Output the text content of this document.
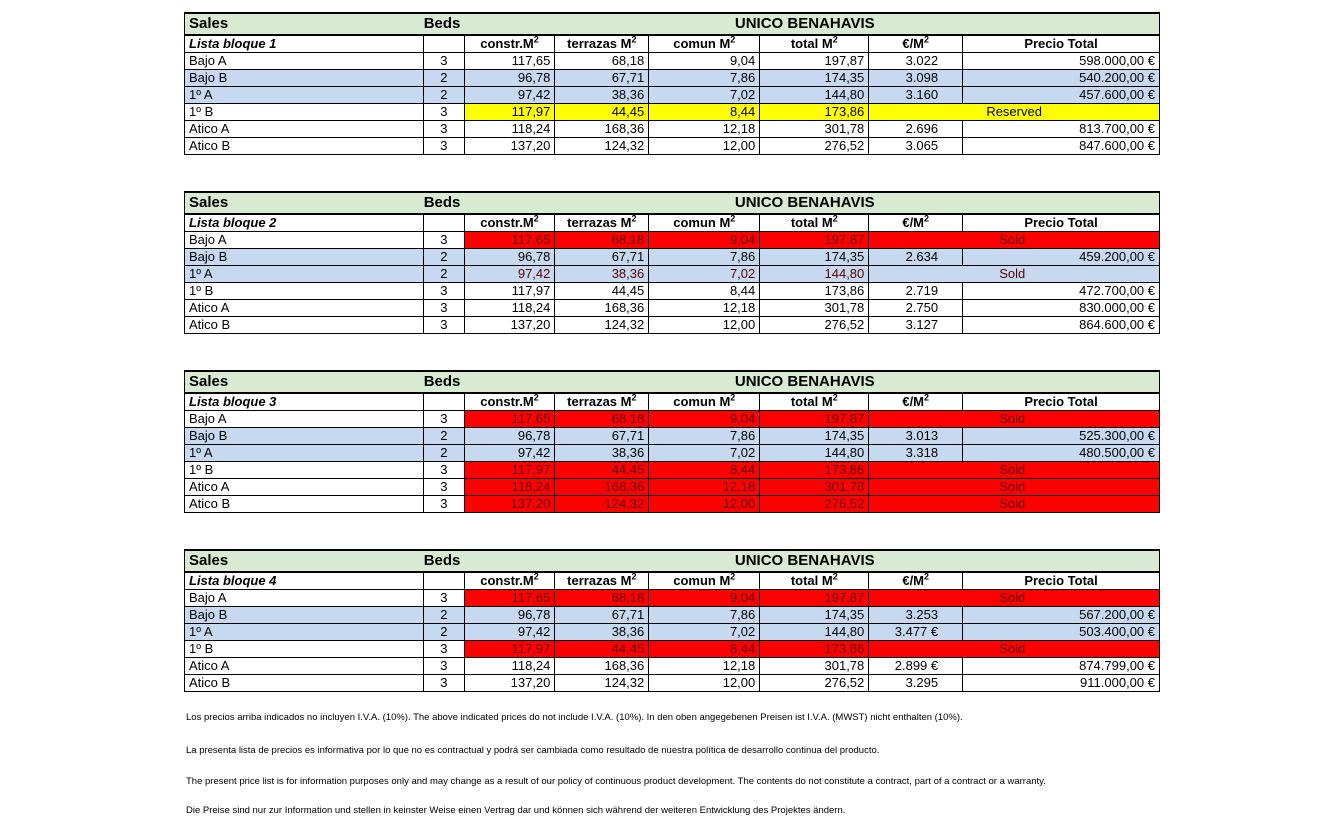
Sales	Beds		UNICO BENAHAVIS				
Lista bloque 1		$constr.M^2$	terrazas $M^2$	comun $M^2$	total $M^2$	$€/M^2$	Precio Total
Bajo A	3	117,65	68,18	9,04	197,87	3.022	598.000,00 €
Bajo B	2	96,78	67,71	7,86	174,35	3.098	540.200,00 €
1º A	2	97,42	38,36	7,02	144,80	3.160	457.600,00 €
1º B	3	117,97	44,45	8,44	173,86	Reserved	
Atico A	3	118,24	168,36	12,18	301,78	2.696	813.700,00 €
Atico B	3	137,20	124,32	12,00	276,52	3.065	847.600,00 €
Sales	Beds		UNICO BENAHAVIS				
Lista bloque 2		$constr.M^2$	terrazas $M^2$	comun $M^2$	total $M^2$	$€/M^2$	Precio Total
Bajo A	3	117,65	68,18	9,04	197,87	Sold	
Bajo B	2	96,78	67,71	7,86	174,35	2.634	459.200,00 €
1º A	2	97,42	38,36	7,02	144,80	Sold	
1º B	3	117,97	44,45	8,44	173,86	2.719	472.700,00 €
Atico A	3	118,24	168,36	12,18	301,78	2.750	830.000,00 €
Atico B	3	137,20	124,32	12,00	276,52	3.127	864.600,00 €
Sales	Beds		UNICO BENAHAVIS				
Lista bloque 3		$constr.M^2$	terrazas $M^2$	comun $M^2$	total $M^2$	$€/M^2$	Precio Total
Bajo A	3	117,65	68,18	9,04	197,87	Sold	
Bajo B	2	96,78	67,71	7,86	174,35	3.013	525.300,00 €
1º A	2	97,42	38,36	7,02	144,80	3.318	480.500,00 €
1º B	3	117,97	44,45	8,44	173,86	Sold	
Atico A	3	118,24	168,36	12,18	301,78	Sold	
Atico B	3	137,20	124,32	12,00	276,52	Sold	
Sales	Beds		UNICO BENAHAVIS				
Lista bloque 4		$constr.M^2$	terrazas $M^2$	comun $M^2$	total $M^2$	$€/M^2$	Precio Total
Bajo A	3	117,65	68,18	9,04	197,87	Sold	
Bajo B	2	96,78	67,71	7,86	174,35	3.253	567.200,00 €
1º A	2	97,42	38,36	7,02	144,80	3.477 €	503.400,00 €
1º B	3	117,97	44,45	8,44	173,86	Sold	
Atico A	3	118,24	168,36	12,18	301,78	2.899 €	874.799,00 €
Atico B	3	137,20	124,32	12,00	276,52	3.295	911.000,00 €

Los precios arriba indicados no incluyen I.V.A. (10%). The above indicated prices do not include I.V.A. (10%). In den oben angegebenen Preisen ist I.V.A. (MWST) nicht enthalten (10%).

La presenta lista de precios es informativa por lo que no es contractual y podrá ser cambiada como resultado de nuestra política de desarrollo continua del producto.

The present price list is for information purposes only and may change as a result of our policy of continuous product development. The contents do not constitute a contract, part of a contract or a warranty.

Die Preise sind nur zur Information und stellen in keinster Weise einen Vertrag dar und können sich während der weiteren Entwicklung des Projektes ändern.
